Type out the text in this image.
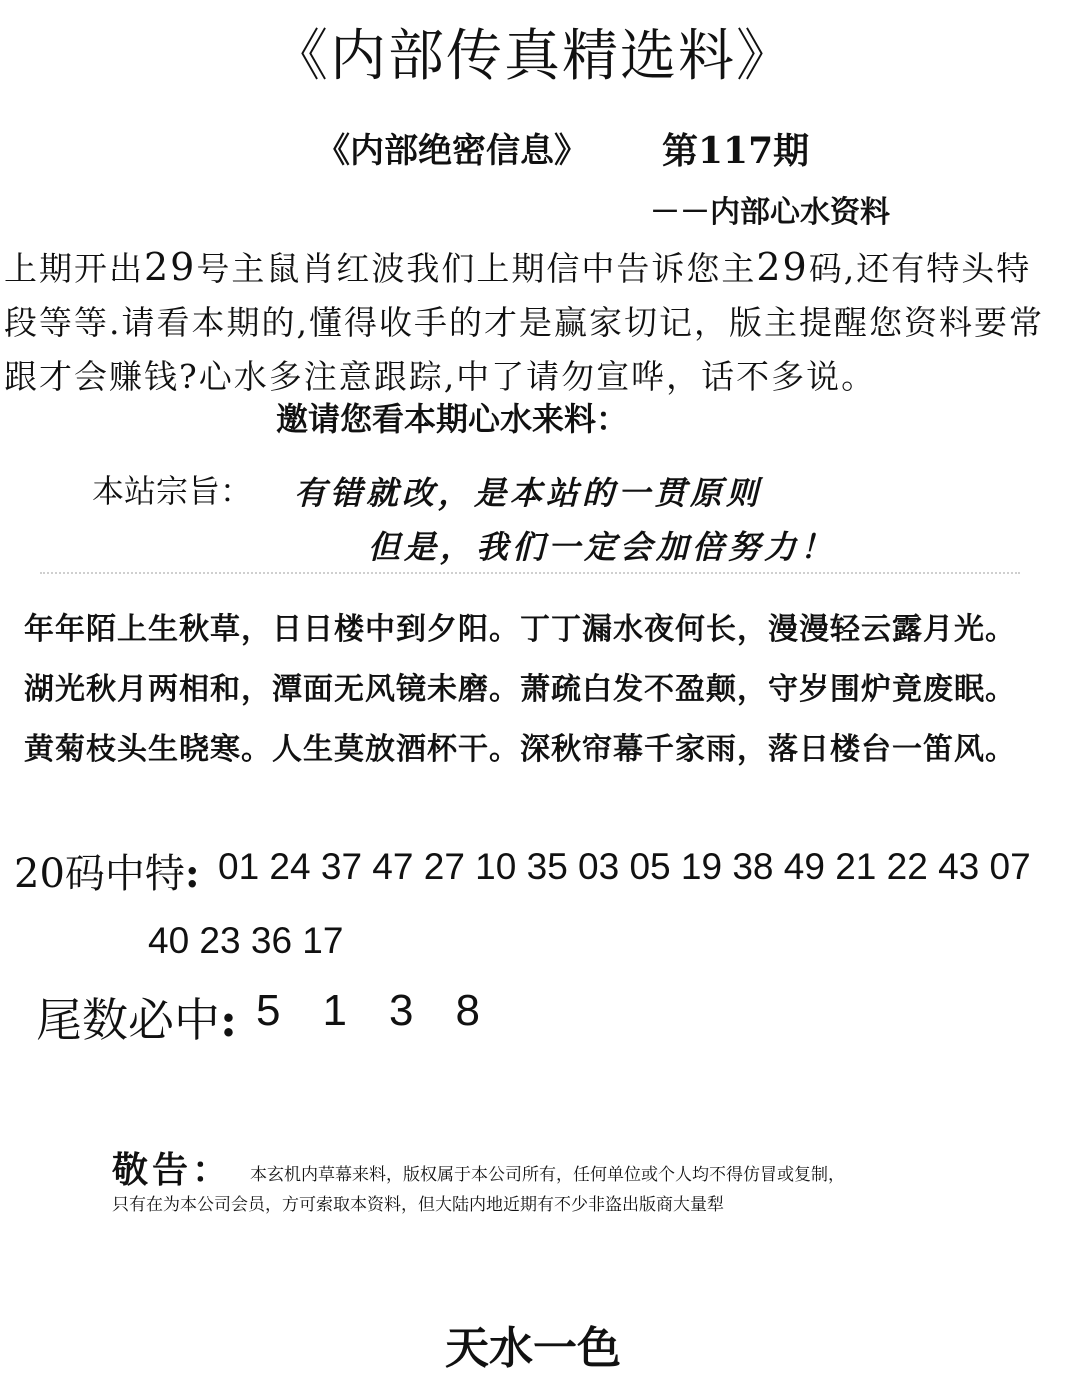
《内部传真精选料》
《内部绝密信息》 第117期
－－内部心水资料
上期开出29号主鼠肖红波我们上期信中告诉您主29码,还有特头特段等等.请看本期的,懂得收手的才是赢家切记，版主提醒您资料要常跟才会赚钱?心水多注意跟踪,中了请勿宣哗，话不多说。
邀请您看本期心水来料：
本站宗旨： 有错就改，是本站的一贯原则
但是，我们一定会加倍努力！
年年陌上生秋草，日日楼中到夕阳。丁丁漏水夜何长，漫漫轻云露月光。
湖光秋月两相和，潭面无风镜未磨。萧疏白发不盈颠，守岁围炉竟废眠。
黄菊枝头生晓寒。人生莫放酒杯干。深秋帘幕千家雨，落日楼台一笛风。
20码中特: 01 24 37 47 27 10 35 03 05 19 38 49 21 22 43 07
40 23 36 17
尾数必中: 5 1 3 8
敬告： 本玄机内草幕来料，版权属于本公司所有，任何单位或个人均不得仿冒或复制，
只有在为本公司会员，方可索取本资料，但大陆内地近期有不少非盗出版商大量犁
天水一色
